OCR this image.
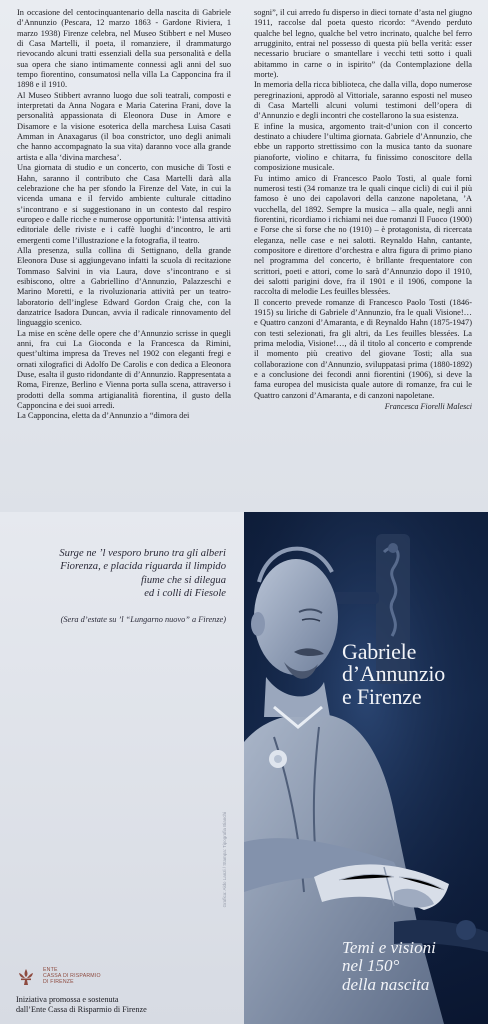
In occasione del centocinquantenario della nascita di Gabriele d’Annunzio (Pescara, 12 marzo 1863 - Gardone Riviera, 1 marzo 1938) Firenze celebra, nel Museo Stibbert e nel Museo di Casa Martelli, il poeta, il romanziere, il drammaturgo rievocando alcuni tratti essenziali della sua personalità e della sua opera che siano intimamente connessi agli anni del suo tempo fiorentino, consumatosi nella villa La Capponcina fra il 1898 e il 1910.

Al Museo Stibbert avranno luogo due soli teatrali, composti e interpretati da Anna Nogara e Maria Caterina Frani, dove la personalità appassionata di Eleonora Duse in Amore e Disamore e la visione esoterica della marchesa Luisa Casati Amman in Anaxagarus (il boa constrictor, uno degli animali che hanno accompagnato la sua vita) daranno voce alla grande artista e alla ‘divina marchesa’.

Una giornata di studio e un concerto, con musiche di Tosti e Hahn, saranno il contributo che Casa Martelli darà alla celebrazione che ha per sfondo la Firenze del Vate, in cui la vicenda umana e il fervido ambiente culturale cittadino s’incontrano e si suggestionano in un contesto dal respiro europeo e dalle ricche e numerose opportunità: l’intensa attività editoriale delle riviste e i caffè luoghi d’incontro, le arti emergenti come l’illustrazione e la fotografia, il teatro.

Alla presenza, sulla collina di Settignano, della grande Eleonora Duse si aggiungevano infatti la scuola di recitazione Tommaso Salvini in via Laura, dove s’incontrano e si esibiscono, oltre a Gabriellino d’Annunzio, Palazzeschi e Marino Moretti, e la rivoluzionaria attività per un teatro-laboratorio dell’inglese Edward Gordon Craig che, con la danzatrice Isadora Duncan, avvia il radicale rinnovamento del linguaggio scenico.

La mise en scène delle opere che d’Annunzio scrisse in quegli anni, fra cui La Gioconda e la Francesca da Rimini, quest’ultima impresa da Treves nel 1902 con eleganti fregi e ornati xilografici di Adolfo De Carolis e con dedica a Eleonora Duse, esalta il gusto ridondante di d’Annunzio. Rappresentata a Roma, Firenze, Berlino e Vienna porta sulla scena, attraverso i prodotti della somma artigianalità fiorentina, il gusto della Capponcina e dei suoi arredi.

La Capponcina, eletta da d’Annunzio a “dimora dei

sogni”, il cui arredo fu disperso in dieci tornate d’asta nel giugno 1911, raccolse dal poeta questo ricordo: “Avendo perduto qualche bel legno, qualche bel vetro incrinato, qualche bel ferro arrugginito, entrai nel possesso di questa più bella verità: esser necessario bruciare o smantellare i vecchi tetti sotto i quali abitammo in carne o in ispirito” (da Contemplazione della morte).

In memoria della ricca biblioteca, che dalla villa, dopo numerose peregrinazioni, approdò al Vittoriale, saranno esposti nel museo di Casa Martelli alcuni volumi testimoni dell’opera di d’Annunzio e degli incontri che costellarono la sua esistenza.

E infine la musica, argomento trait-d’union con il concerto destinato a chiudere l’ultima giornata. Gabriele d’Annunzio, che ebbe un rapporto strettissimo con la musica tanto da suonare pianoforte, violino e chitarra, fu finissimo conoscitore della composizione musicale.

Fu intimo amico di Francesco Paolo Tosti, al quale fornì numerosi testi (34 romanze tra le quali cinque cicli) di cui il più famoso è uno dei capolavori della canzone napoletana, ’A vucchella, del 1892. Sempre la musica – alla quale, negli anni fiorentini, ricordiamo i richiami nei due romanzi Il Fuoco (1900) e Forse che sì forse che no (1910) – è protagonista, di ricercata eleganza, nelle case e nei salotti. Reynaldo Hahn, cantante, compositore e direttore d’orchestra e altra figura di primo piano nel programma del concerto, è brillante frequentatore con scrittori, poeti e attori, come lo sarà d’Annunzio dopo il 1910, dei salotti parigini dove, fra il 1901 e il 1906, compone la raccolta di melodie Les feuilles blessées.

Il concerto prevede romanze di Francesco Paolo Tosti (1846-1915) su liriche di Gabriele d’Annunzio, fra le quali Visione!… e Quattro canzoni d’Amaranta, e di Reynaldo Hahn (1875-1947) con testi selezionati, fra gli altri, da Les feuilles blessées. La prima melodia, Visione!…, dà il titolo al concerto e comprende il momento più creativo del giovane Tosti; alla sua collaborazione con d’Annunzio, sviluppatasi prima (1880-1892) e a conclusione dei fecondi anni fiorentini (1906), si deve la fama europea del musicista quale autore di romanze, fra cui le Quattro canzoni d’Amaranta, e di canzoni napoletane.

Francesca Fiorelli Malesci

Surge ne ’l vesporo bruno tra gli alberi

Fiorenza, e placida riguarda il limpido

fiume che si dilegua

ed i colli di Fiesole

(Sera d’estate su ’l “Lungarno nuovo” a Firenze)
Grafica: Aldo Lanzi / Stampa: Tipografia Bianchi

ENTE
CASSA DI RISPARMIO
DI FIRENZE
Iniziativa promossa e sostenuta
dall’Ente Cassa di Risparmio di Firenze
Gabriele
d’Annunzio
e Firenze
Temi e visioni
nel 150°
della nascita
